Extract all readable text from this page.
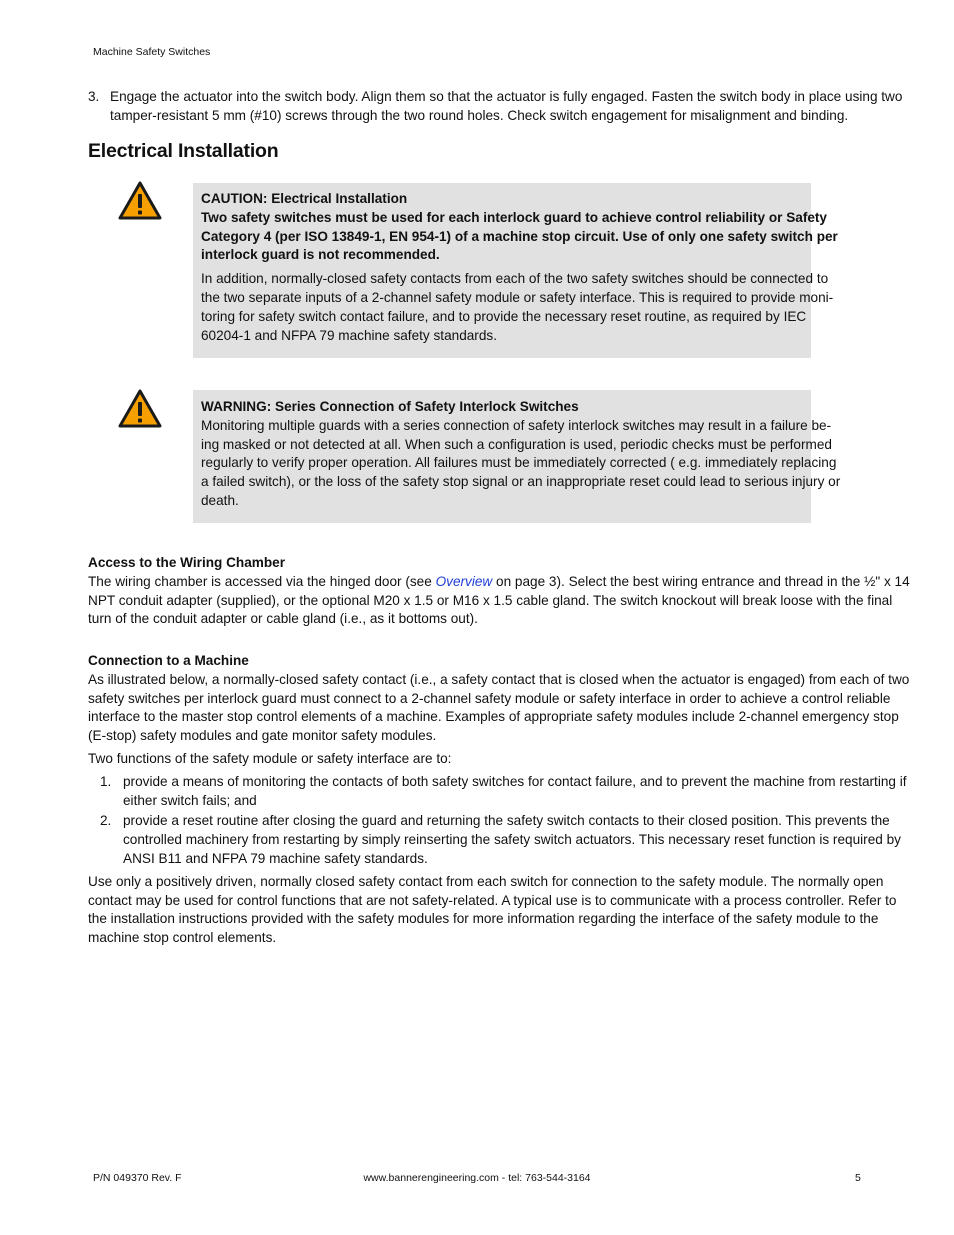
Machine Safety Switches
3. Engage the actuator into the switch body. Align them so that the actuator is fully engaged. Fasten the switch body in place using two
tamper-resistant 5 mm (#10) screws through the two round holes. Check switch engagement for misalignment and binding.
Electrical Installation
CAUTION: Electrical Installation
Two safety switches must be used for each interlock guard to achieve control reliability or Safety
Category 4 (per ISO 13849-1, EN 954-1) of a machine stop circuit. Use of only one safety switch per
interlock guard is not recommended.
In addition, normally-closed safety contacts from each of the two safety switches should be connected to
the two separate inputs of a 2-channel safety module or safety interface. This is required to provide moni-
toring for safety switch contact failure, and to provide the necessary reset routine, as required by IEC
60204-1 and NFPA 79 machine safety standards.
WARNING: Series Connection of Safety Interlock Switches
Monitoring multiple guards with a series connection of safety interlock switches may result in a failure be-
ing masked or not detected at all. When such a configuration is used, periodic checks must be performed
regularly to verify proper operation. All failures must be immediately corrected ( e.g. immediately replacing
a failed switch), or the loss of the safety stop signal or an inappropriate reset could lead to serious injury or
death.
Access to the Wiring Chamber
The wiring chamber is accessed via the hinged door (see Overview on page 3). Select the best wiring entrance and thread in the ½" x 14
NPT conduit adapter (supplied), or the optional M20 x 1.5 or M16 x 1.5 cable gland. The switch knockout will break loose with the final
turn of the conduit adapter or cable gland (i.e., as it bottoms out).
Connection to a Machine
As illustrated below, a normally-closed safety contact (i.e., a safety contact that is closed when the actuator is engaged) from each of two
safety switches per interlock guard must connect to a 2-channel safety module or safety interface in order to achieve a control reliable
interface to the master stop control elements of a machine. Examples of appropriate safety modules include 2-channel emergency stop
(E-stop) safety modules and gate monitor safety modules.
Two functions of the safety module or safety interface are to:
1. provide a means of monitoring the contacts of both safety switches for contact failure, and to prevent the machine from restarting if
either switch fails; and
2. provide a reset routine after closing the guard and returning the safety switch contacts to their closed position. This prevents the
controlled machinery from restarting by simply reinserting the safety switch actuators. This necessary reset function is required by
ANSI B11 and NFPA 79 machine safety standards.
Use only a positively driven, normally closed safety contact from each switch for connection to the safety module. The normally open
contact may be used for control functions that are not safety-related. A typical use is to communicate with a process controller. Refer to
the installation instructions provided with the safety modules for more information regarding the interface of the safety module to the
machine stop control elements.
P/N 049370 Rev. F	www.bannerengineering.com - tel: 763-544-3164	5
